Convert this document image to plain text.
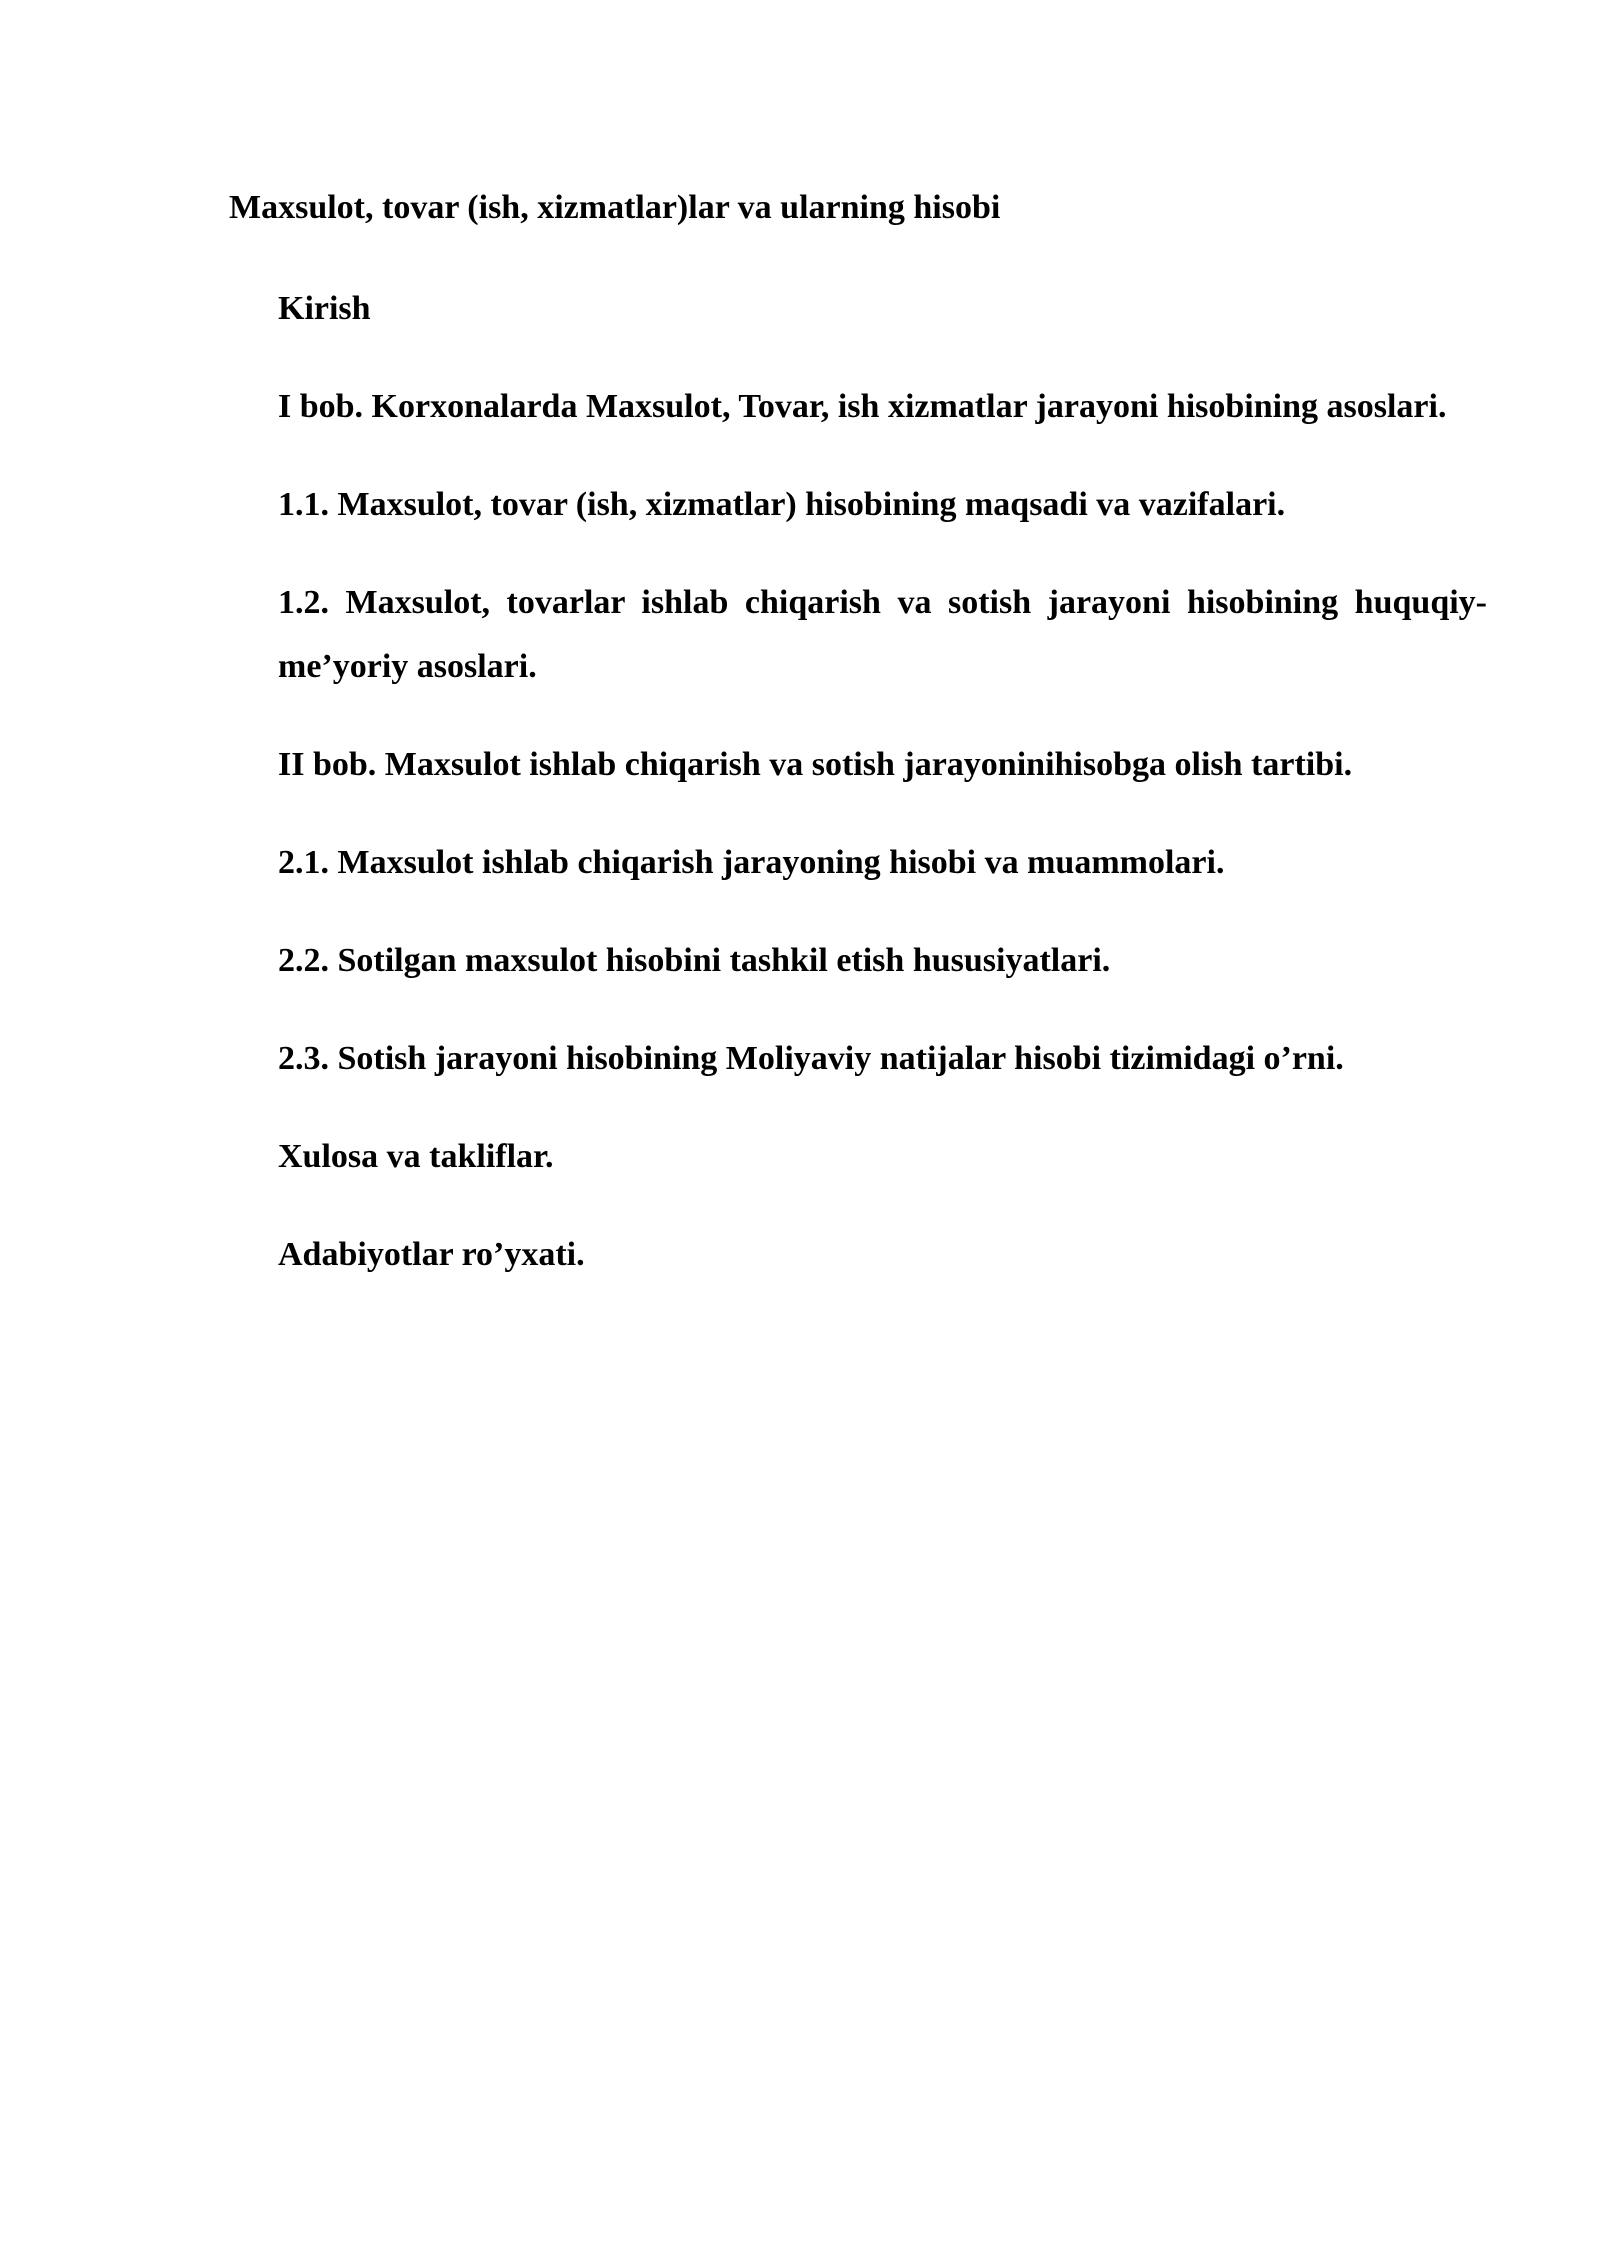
Maxsulot, tovar (ish, xizmatlar)lar va ularning hisobi
Kirish
I bob. Korxonalarda Maxsulot, Tovar, ish xizmatlar jarayoni hisobining asoslari.
1.1. Maxsulot, tovar (ish, xizmatlar) hisobining maqsadi va vazifalari.
1.2. Maxsulot, tovarlar ishlab chiqarish va sotish jarayoni hisobining huquqiy-me’yoriy asoslari.
II bob. Maxsulot ishlab chiqarish va sotish jarayoninihisobga olish tartibi.
2.1. Maxsulot ishlab chiqarish jarayoning hisobi va muammolari.
2.2. Sotilgan maxsulot hisobini tashkil etish hususiyatlari.
2.3. Sotish jarayoni hisobining Moliyaviy natijalar hisobi tizimidagi o’rni.
Xulosa va takliflar.
Adabiyotlar ro’yxati.
